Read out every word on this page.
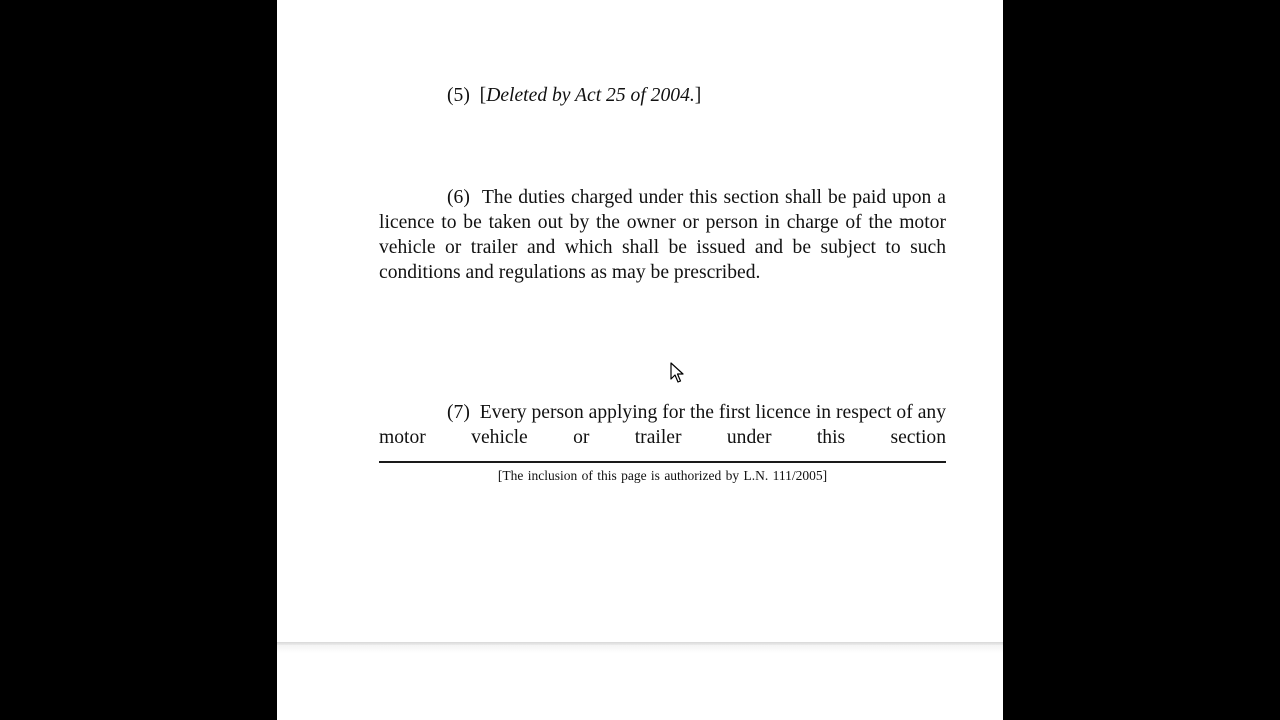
(5) [Deleted by Act 25 of 2004.]
(6) The duties charged under this section shall be paid upon a licence to be taken out by the owner or person in charge of the motor vehicle or trailer and which shall be issued and be subject to such conditions and regulations as may be prescribed.
(7) Every person applying for the first licence in respect of any motor vehicle or trailer under this section
[The inclusion of this page is authorized by L.N. 111/2005]
